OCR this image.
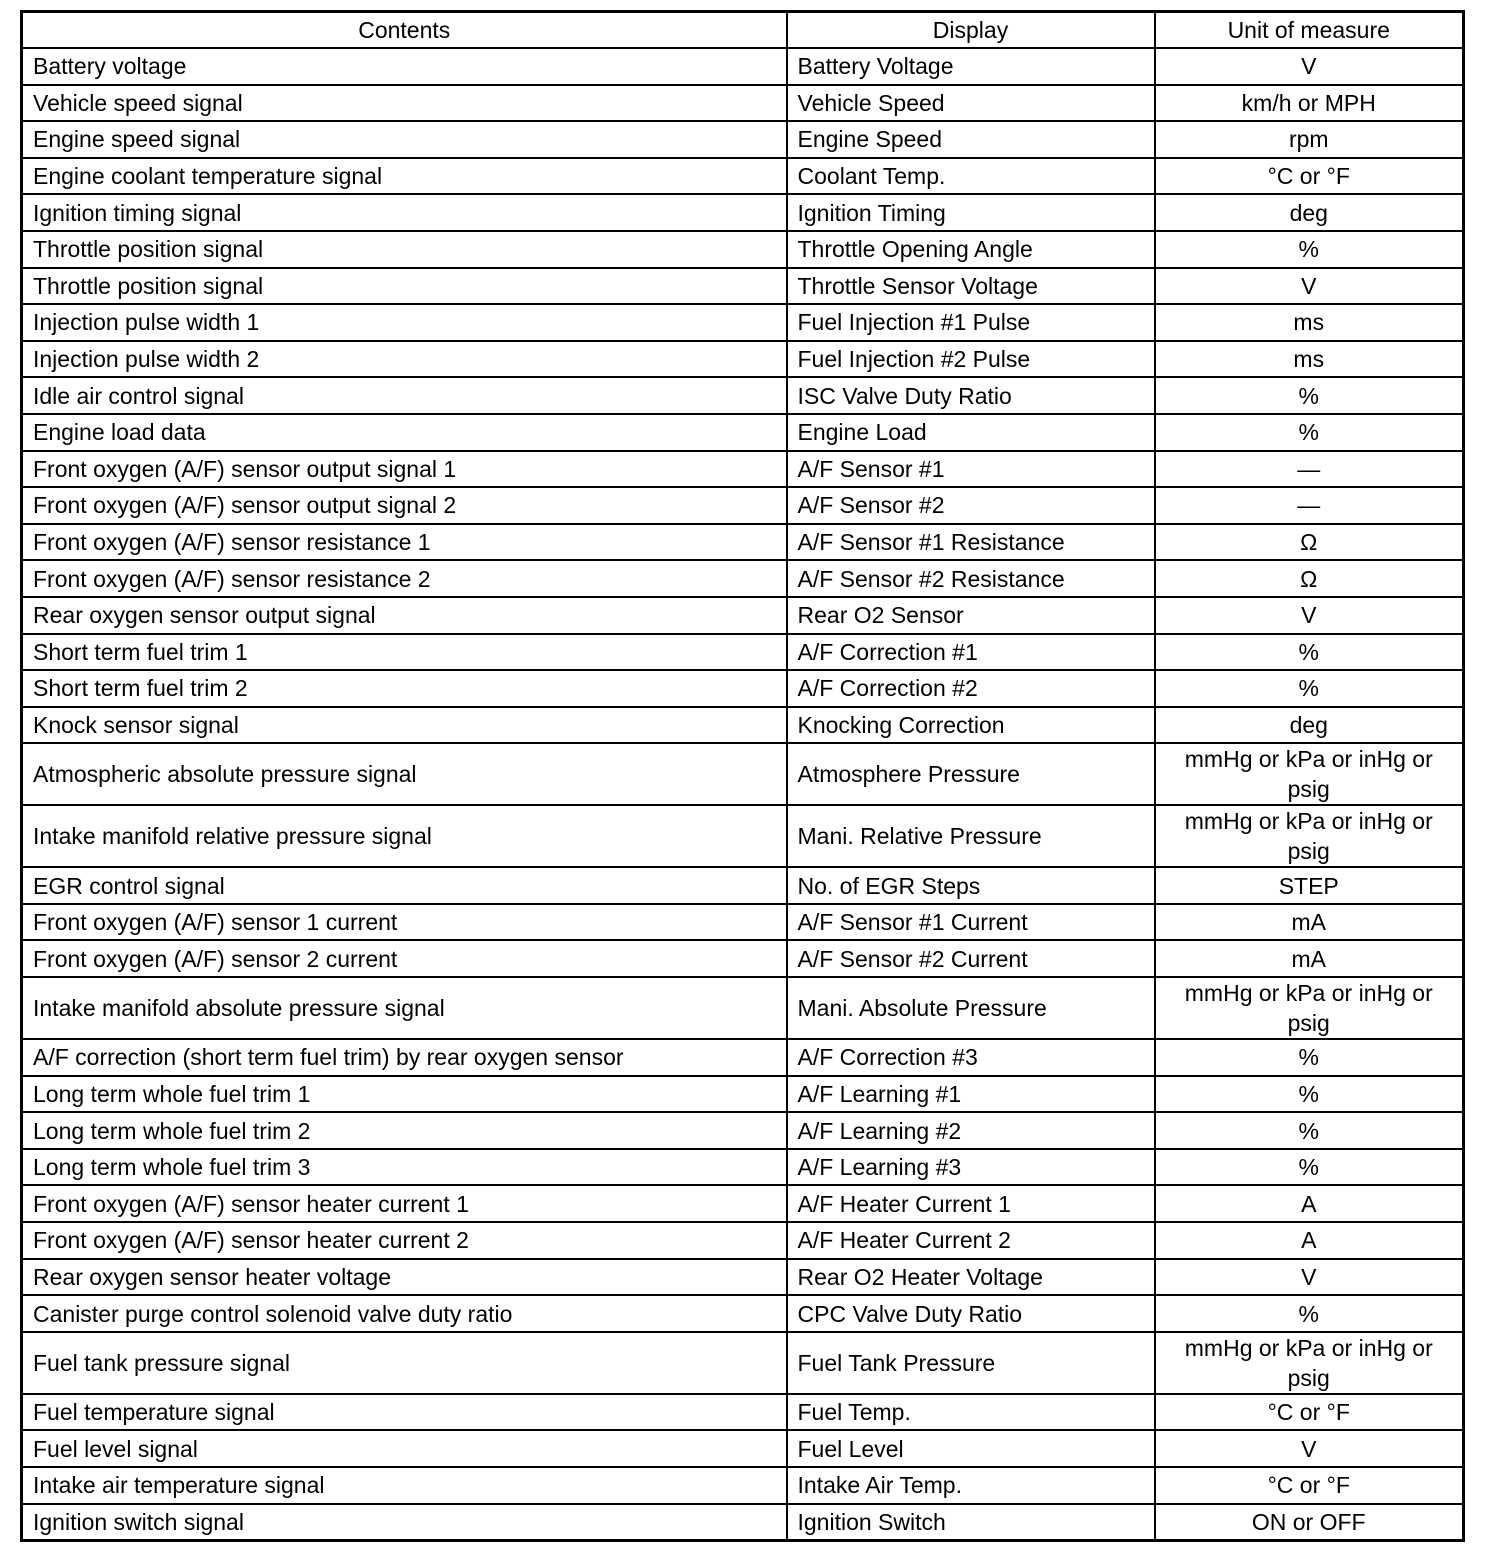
Contents	Display	Unit of measure
Battery voltage	Battery Voltage	V
Vehicle speed signal	Vehicle Speed	km/h or MPH
Engine speed signal	Engine Speed	rpm
Engine coolant temperature signal	Coolant Temp.	°C or °F
Ignition timing signal	Ignition Timing	deg
Throttle position signal	Throttle Opening Angle	%
Throttle position signal	Throttle Sensor Voltage	V
Injection pulse width 1	Fuel Injection #1 Pulse	ms
Injection pulse width 2	Fuel Injection #2 Pulse	ms
Idle air control signal	ISC Valve Duty Ratio	%
Engine load data	Engine Load	%
Front oxygen (A/F) sensor output signal 1	A/F Sensor #1	—
Front oxygen (A/F) sensor output signal 2	A/F Sensor #2	—
Front oxygen (A/F) sensor resistance 1	A/F Sensor #1 Resistance	Ω
Front oxygen (A/F) sensor resistance 2	A/F Sensor #2 Resistance	Ω
Rear oxygen sensor output signal	Rear O2 Sensor	V
Short term fuel trim 1	A/F Correction #1	%
Short term fuel trim 2	A/F Correction #2	%
Knock sensor signal	Knocking Correction	deg
Atmospheric absolute pressure signal	Atmosphere Pressure	mmHg or kPa or inHg or psig
Intake manifold relative pressure signal	Mani. Relative Pressure	mmHg or kPa or inHg or psig
EGR control signal	No. of EGR Steps	STEP
Front oxygen (A/F) sensor 1 current	A/F Sensor #1 Current	mA
Front oxygen (A/F) sensor 2 current	A/F Sensor #2 Current	mA
Intake manifold absolute pressure signal	Mani. Absolute Pressure	mmHg or kPa or inHg or psig
A/F correction (short term fuel trim) by rear oxygen sensor	A/F Correction #3	%
Long term whole fuel trim 1	A/F Learning #1	%
Long term whole fuel trim 2	A/F Learning #2	%
Long term whole fuel trim 3	A/F Learning #3	%
Front oxygen (A/F) sensor heater current 1	A/F Heater Current 1	A
Front oxygen (A/F) sensor heater current 2	A/F Heater Current 2	A
Rear oxygen sensor heater voltage	Rear O2 Heater Voltage	V
Canister purge control solenoid valve duty ratio	CPC Valve Duty Ratio	%
Fuel tank pressure signal	Fuel Tank Pressure	mmHg or kPa or inHg or psig
Fuel temperature signal	Fuel Temp.	°C or °F
Fuel level signal	Fuel Level	V
Intake air temperature signal	Intake Air Temp.	°C or °F
Ignition switch signal	Ignition Switch	ON or OFF
